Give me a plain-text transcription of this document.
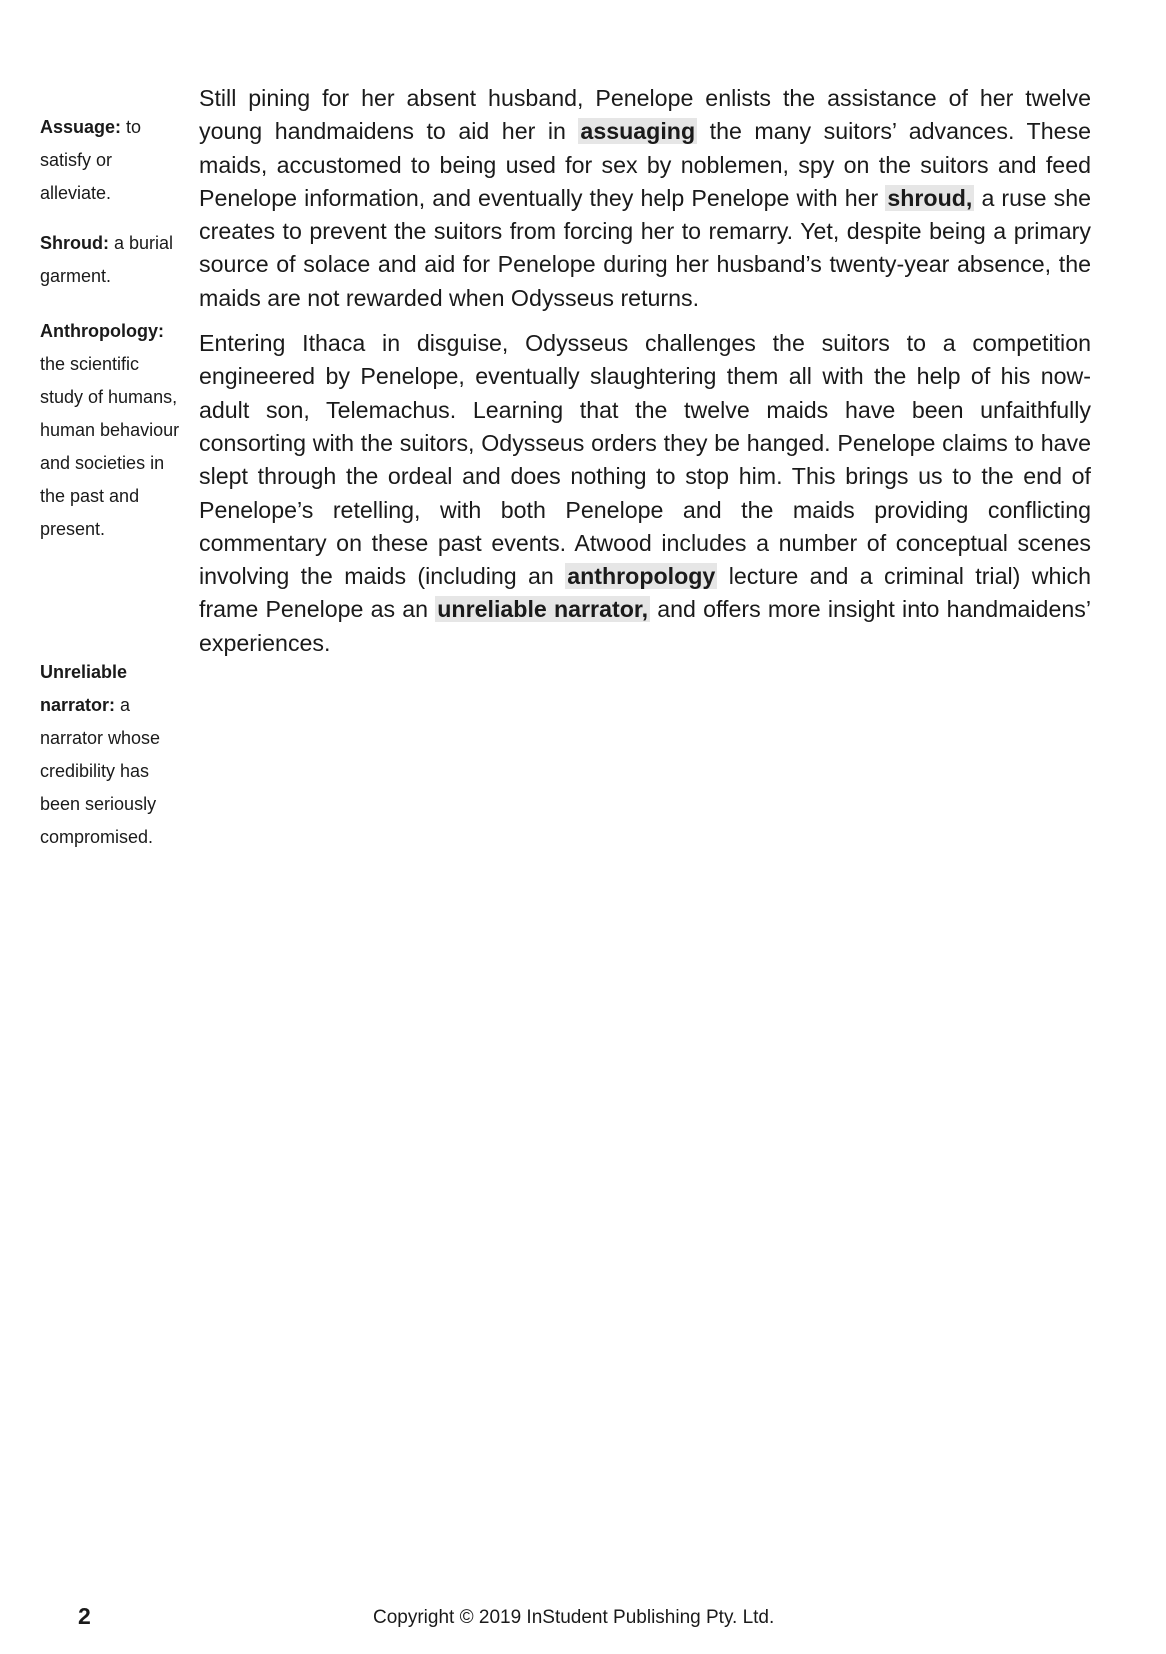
Assuage: to satisfy or alleviate.
Shroud: a burial garment.
Anthropology: the scientific study of humans, human behaviour and societies in the past and present.
Unreliable narrator: a narrator whose credibility has been seriously compromised.

Still pining for her absent husband, Penelope enlists the assistance of her twelve young handmaidens to aid her in assuaging the many suitors’ advances. These maids, accustomed to being used for sex by noblemen, spy on the suitors and feed Penelope information, and eventually they help Penelope with her shroud, a ruse she creates to prevent the suitors from forcing her to remarry. Yet, despite being a primary source of solace and aid for Penelope during her husband’s twenty-year absence, the maids are not rewarded when Odysseus returns.

Entering Ithaca in disguise, Odysseus challenges the suitors to a competition engineered by Penelope, eventually slaughtering them all with the help of his now-adult son, Telemachus. Learning that the twelve maids have been unfaithfully consorting with the suitors, Odysseus orders they be hanged. Penelope claims to have slept through the ordeal and does nothing to stop him. This brings us to the end of Penelope’s retelling, with both Penelope and the maids providing conflicting commentary on these past events. Atwood includes a number of conceptual scenes involving the maids (including an anthropology lecture and a criminal trial) which frame Penelope as an unreliable narrator, and offers more insight into handmaidens’ experiences.

2	Copyright © 2019 InStudent Publishing Pty. Ltd.
